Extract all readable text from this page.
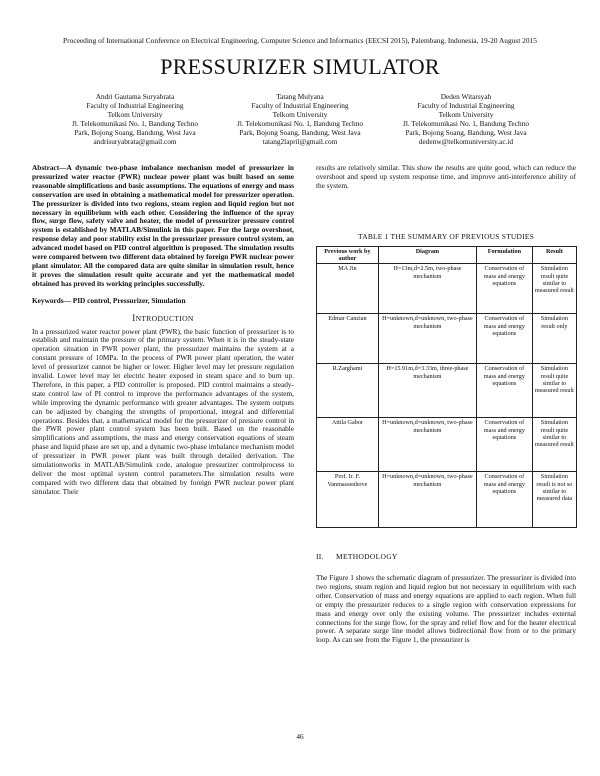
Proceeding of International Conference on Electrical Engineering, Computer Science and Informatics (EECSI 2015), Palembang, Indonesia, 19-20 August 2015
PRESSURIZER SIMULATOR
Andri Gautama Suryabrata
Faculty of Industrial Engineering
Telkom University
Jl. Telekomunikasi No. 1, Bandung Techno
Park, Bojong Soang, Bandung, West Java
andrisuryabrata@gmail.com
Tatang Mulyana
Faculty of Industrial Engineering
Telkom University
Jl. Telekomunikasi No. 1, Bandung Techno
Park, Bojong Soang, Bandung, West Java
tatang2lapril@gmail.com
Deden Witarsyah
Faculty of Industrial Engineering
Telkom University
Jl. Telekomunikasi No. 1, Bandung Techno
Park, Bojong Soang, Bandung, West Java
dedenw@telkomuniversity.ac.id

Abstract—A dynamic two-phase imbalance mechanism model of pressurizer in pressurized water reactor (PWR) nuclear power plant was built based on some reasonable simplifications and basic assumptions. The equations of energy and mass conservation are used in obtaining a mathematical model for pressurizer operation. The pressurizer is divided into two regions, steam region and liquid region but not necessary in equilibrium with each other. Considering the influence of the spray flow, surge flow, safety valve and heater, the model of pressurizer pressure control system is established by MATLAB/Simulink in this paper. For the large overshoot, response delay and poor stability exist in the pressurizer pressure control system, an advanced model based on PID control algorithm is proposed. The simulation results were compared between two different data obtained by foreign PWR nuclear power plant simulator. All the compared data are quite similar in simulation result, hence it proves the simulation result quite accurate and yet the mathematical model obtained has proved its working principles successfully.

Keywords— PID control, Pressurizer, Simulation

INTRODUCTION

In a pressurized water reactor power plant (PWR), the basic function of pressurizer is to establish and maintain the pressure of the primary system. When it is in the steady-state operation situation in PWR power plant, the pressurizer maintains the system at a constant pressure of 10MPa. In the process of PWR power plant operation, the water level of pressurizer cannot be higher or lower. Higher level may let pressure regulation invalid. Lower level may let electric heater exposed in steam space and to burn up. Therefore, in this paper, a PID controller is proposed. PID control maintains a steady-state control law of PI control to improve the performance advantages of the system, while improving the dynamic performance with greater advantages. The system outputs can be adjusted by changing the strengths of proportional, integral and differential operations. Besides that, a mathematical model for the pressurizer of pressure control in the PWR power plant control system has been built. Based on the reasonable simplifications and assumptions, the mass and energy conservation equations of steam phase and liquid phase are set up, and a dynamic two-phase imbalance mechanism model of pressurizer in PWR power plant was built through detailed derivation. The simulationworks in MATLAB/Simulink code, analogue pressurizer controlprocess to deliver the most optimal system control parameters.The simulation results were compared with two different data that obtained by foreign PWR nuclear power plant simulator. Their

results are relatively similar. This show the results are quite good, which can reduce the overshoot and speed up system response time, and improve anti-interference ability of the system.
TABLE 1 THE SUMMARY OF PREVIOUS STUDIES
Previous work by author	Diagram	Formulation	Result
MA Jin	H=13m,d=2.5m, two-phase mechanism	Conservation of mass and energy equations	Simulation result quite similar to measured result
Edmar Canzian	H=unknown,d=unknown, two-phase mechanism	Conservation of mass and energy equations	Simulation result only
R.Zarghami	H=15.91m,d=3.33m, three-phase mechanism	Conservation of mass and energy equations	Simulation result quite similar to measured result
Attila Gabor	H=unknown,d=unknown, two-phase mechanism	Conservation of mass and energy equations	Simulation result quite similar to measured result
Prof. Ir. F. Vanmassenhove	H=unknown,d=unknown, two-phase mechanism	Conservation of mass and energy equations	Simulation result is not so similar to measured data
II. METHODOLOGY
The Figure 1 shows the schematic diagram of pressurizer. The pressurizer is divided into two regions, steam region and liquid region but not necessary in equilibrium with each other. Conservation of mass and energy equations are applied to each region. When full or empty the pressurizer reduces to a single region with conservation expressions for mass and energy over only the existing volume. The pressurizer includes external connections for the surge flow, for the spray and relief flow and for the heater electrical power. A separate surge line model allows bidirectional flow from or to the primary loop. As can see from the Figure 1, the pressurizer is
46
